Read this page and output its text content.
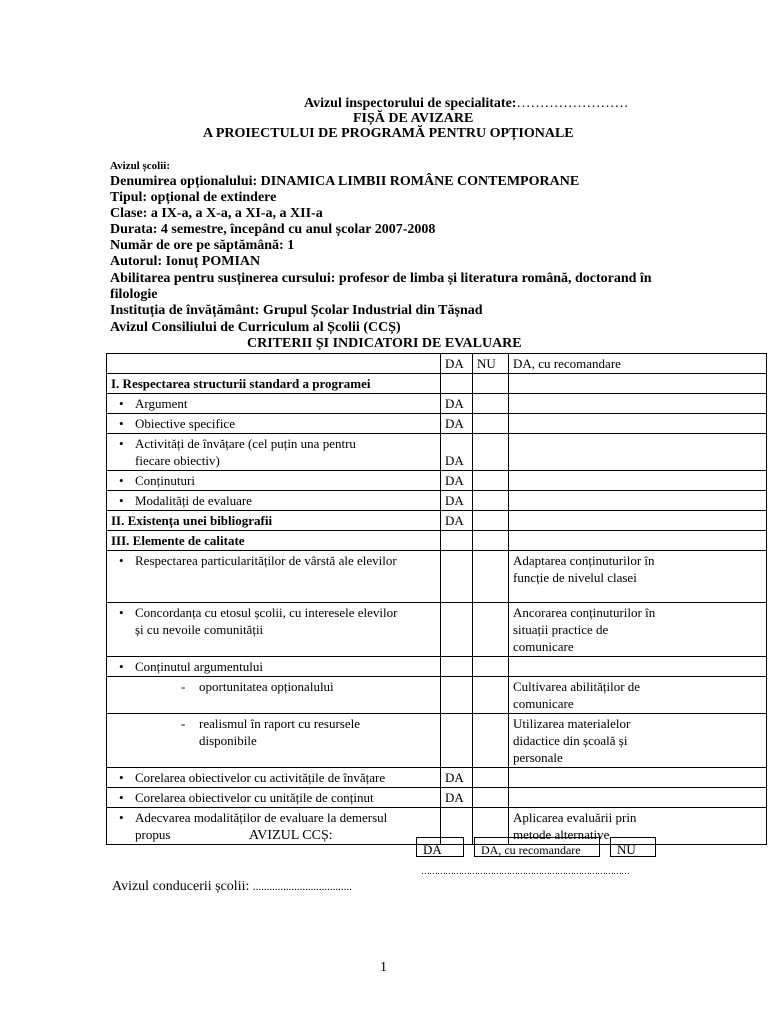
Avizul inspectorului de specialitate:……………………
FIȘĂ DE AVIZARE
A PROIECTULUI DE PROGRAMĂ PENTRU OPȚIONALE
Avizul școlii:
Denumirea opționalului: DINAMICA LIMBII ROMÂNE CONTEMPORANE
Tipul: opțional de extindere
Clase: a IX-a, a X-a, a XI-a, a XII-a
Durata: 4 semestre, începând cu anul școlar 2007-2008
Număr de ore pe săptămână: 1
Autorul: Ionuț POMIAN
Abilitarea pentru susținerea cursului: profesor de limba și literatura română, doctorand în
filologie
Instituția de învățământ: Grupul Școlar Industrial din Tășnad
Avizul Consiliului de Curriculum al Școlii (CCȘ)
CRITERII ȘI INDICATORI DE EVALUARE
	DA	NU	DA, cu recomandare
I. Respectarea structurii standard a programei			
• Argument	DA		
• Obiective specifice	DA		
• Activități de învățare (cel puțin una pentru fiecare obiectiv)	DA		
• Conținuturi	DA		
• Modalități de evaluare	DA		
II. Existența unei bibliografii	DA		
III. Elemente de calitate			
• Respectarea particularităților de vârstă ale elevilor			Adaptarea conținuturilor în funcție de nivelul clasei
• Concordanța cu etosul școlii, cu interesele elevilor și cu nevoile comunității			Ancorarea conținuturilor în situații practice de comunicare
• Conținutul argumentului			
- oportunitatea opționalului			Cultivarea abilităților de comunicare
- realismul în raport cu resursele disponibile			Utilizarea materialelor didactice din școală și personale
• Corelarea obiectivelor cu activitățile de învățare	DA		
• Corelarea obiectivelor cu unitățile de conținut	DA		
• Adecvarea modalităților de evaluare la demersul propus			Aplicarea evaluării prin metode alternative
AVIZUL CCȘ:
DA	DA, cu recomandare	NU
……………………………………………………………………
Avizul conducerii școlii: ....................................
1
